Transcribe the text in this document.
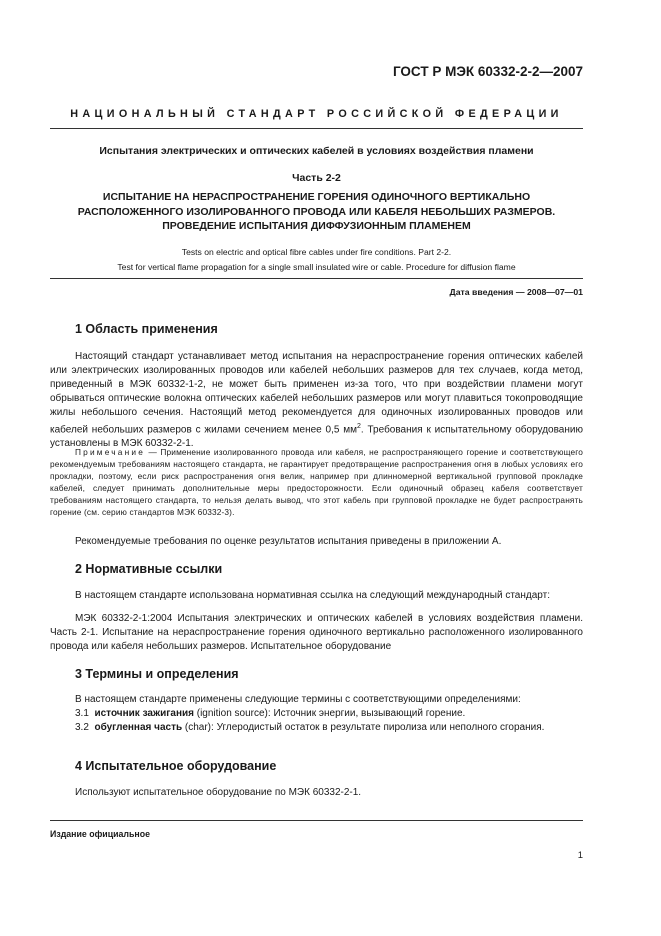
ГОСТ Р МЭК 60332-2-2—2007
НАЦИОНАЛЬНЫЙ СТАНДАРТ РОССИЙСКОЙ ФЕДЕРАЦИИ
Испытания электрических и оптических кабелей в условиях воздействия пламени
Часть 2-2
ИСПЫТАНИЕ НА НЕРАСПРОСТРАНЕНИЕ ГОРЕНИЯ ОДИНОЧНОГО ВЕРТИКАЛЬНО
РАСПОЛОЖЕННОГО ИЗОЛИРОВАННОГО ПРОВОДА ИЛИ КАБЕЛЯ НЕБОЛЬШИХ РАЗМЕРОВ.
ПРОВЕДЕНИЕ ИСПЫТАНИЯ ДИФФУЗИОННЫМ ПЛАМЕНЕМ
Tests on electric and optical fibre cables under fire conditions. Part 2-2.
Test for vertical flame propagation for a single small insulated wire or cable. Procedure for diffusion flame
Дата введения — 2008—07—01
1 Область применения
Настоящий стандарт устанавливает метод испытания на нераспространение горения оптических кабелей или электрических изолированных проводов или кабелей небольших размеров для тех случаев, когда метод, приведенный в МЭК 60332-1-2, не может быть применен из-за того, что при воздействии пламени могут обрываться оптические волокна оптических кабелей небольших размеров или могут плавиться токопроводящие жилы небольшого сечения. Настоящий метод рекомендуется для одиночных изолированных проводов или кабелей небольших размеров с жилами сечением менее 0,5 $мм^2$. Требования к испытательному оборудованию установлены в МЭК 60332-2-1.
Примечание — Применение изолированного провода или кабеля, не распространяющего горение и соответствующего рекомендуемым требованиям настоящего стандарта, не гарантирует предотвращение распространения огня в любых условиях его прокладки, поэтому, если риск распространения огня велик, например при длинномерной вертикальной групповой прокладке кабелей, следует принимать дополнительные меры предосторожности. Если одиночный образец кабеля соответствует требованиям настоящего стандарта, то нельзя делать вывод, что этот кабель при групповой прокладке не будет распространять горение (см. серию стандартов МЭК 60332-3).
Рекомендуемые требования по оценке результатов испытания приведены в приложении А.
2 Нормативные ссылки
В настоящем стандарте использована нормативная ссылка на следующий международный стандарт:
МЭК 60332-2-1:2004 Испытания электрических и оптических кабелей в условиях воздействия пламени. Часть 2-1. Испытание на нераспространение горения одиночного вертикально расположенного изолированного провода или кабеля небольших размеров. Испытательное оборудование
3 Термины и определения
В настоящем стандарте применены следующие термины с соответствующими определениями:
3.1 источник зажигания (ignition source): Источник энергии, вызывающий горение.
3.2 обугленная часть (char): Углеродистый остаток в результате пиролиза или неполного сгорания.
4 Испытательное оборудование
Используют испытательное оборудование по МЭК 60332-2-1.
Издание официальное
1
